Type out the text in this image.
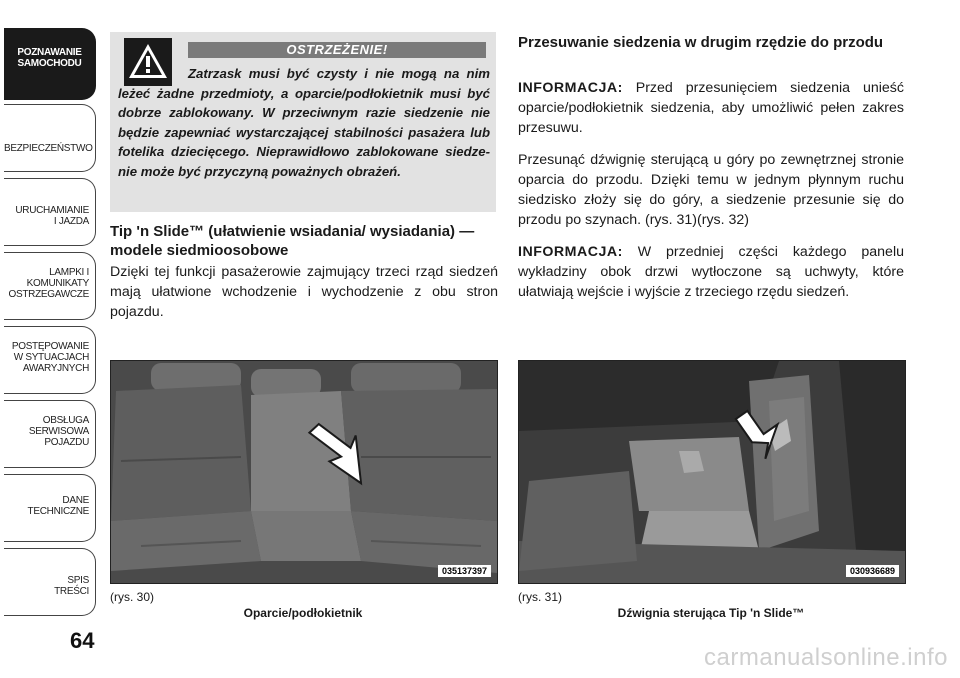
POZNAWANIE
SAMOCHODU
BEZPIECZEŃSTWO
URUCHAMIANIE
I JAZDA
LAMPKI I
KOMUNIKATY
OSTRZEGAWCZE
POSTĘPOWANIE
W SYTUACJACH
AWARYJNYCH
OBSŁUGA
SERWISOWA
POJAZDU
DANE
TECHNICZNE
SPIS
TREŚCI
64
OSTRZEŻENIE!
Zatrzask musi być czysty i nie mogą na nim leżeć żadne przedmioty, a oparcie/podłokietnik musi być dobrze zablokowany. W przeciwnym razie siedzenie nie będzie zapewniać wystarczającej stabilności pasażera lub fotelika dziecięcego. Nieprawidłowo zablokowane siedze-nie może być przyczyną poważnych obrażeń.
Tip 'n Slide™ (ułatwienie wsiadania/ wysiadania) — modele siedmioosobowe
Dzięki tej funkcji pasażerowie zajmujący trzeci rząd siedzeń mają ułatwione wchodzenie i wychodzenie z obu stron pojazdu.
Przesuwanie siedzenia w drugim rzędzie do przodu
INFORMACJA: Przed przesunięciem siedzenia unieść oparcie/podłokietnik siedzenia, aby umożliwić pełen zakres przesuwu.
Przesunąć dźwignię sterującą u góry po zewnętrznej stronie oparcia do przodu. Dzięki temu w jednym płynnym ruchu siedzisko złoży się do góry, a siedzenie przesunie się do przodu po szynach. (rys. 31)(rys. 32)
INFORMACJA: W przedniej części każdego panelu wykładziny obok drzwi wytłoczone są uchwyty, które ułatwiają wejście i wyjście z trzeciego rzędu siedzeń.
035137397
(rys. 30)
Oparcie/podłokietnik
030936689
(rys. 31)
Dźwignia sterująca Tip 'n Slide™
carmanualsonline.info
